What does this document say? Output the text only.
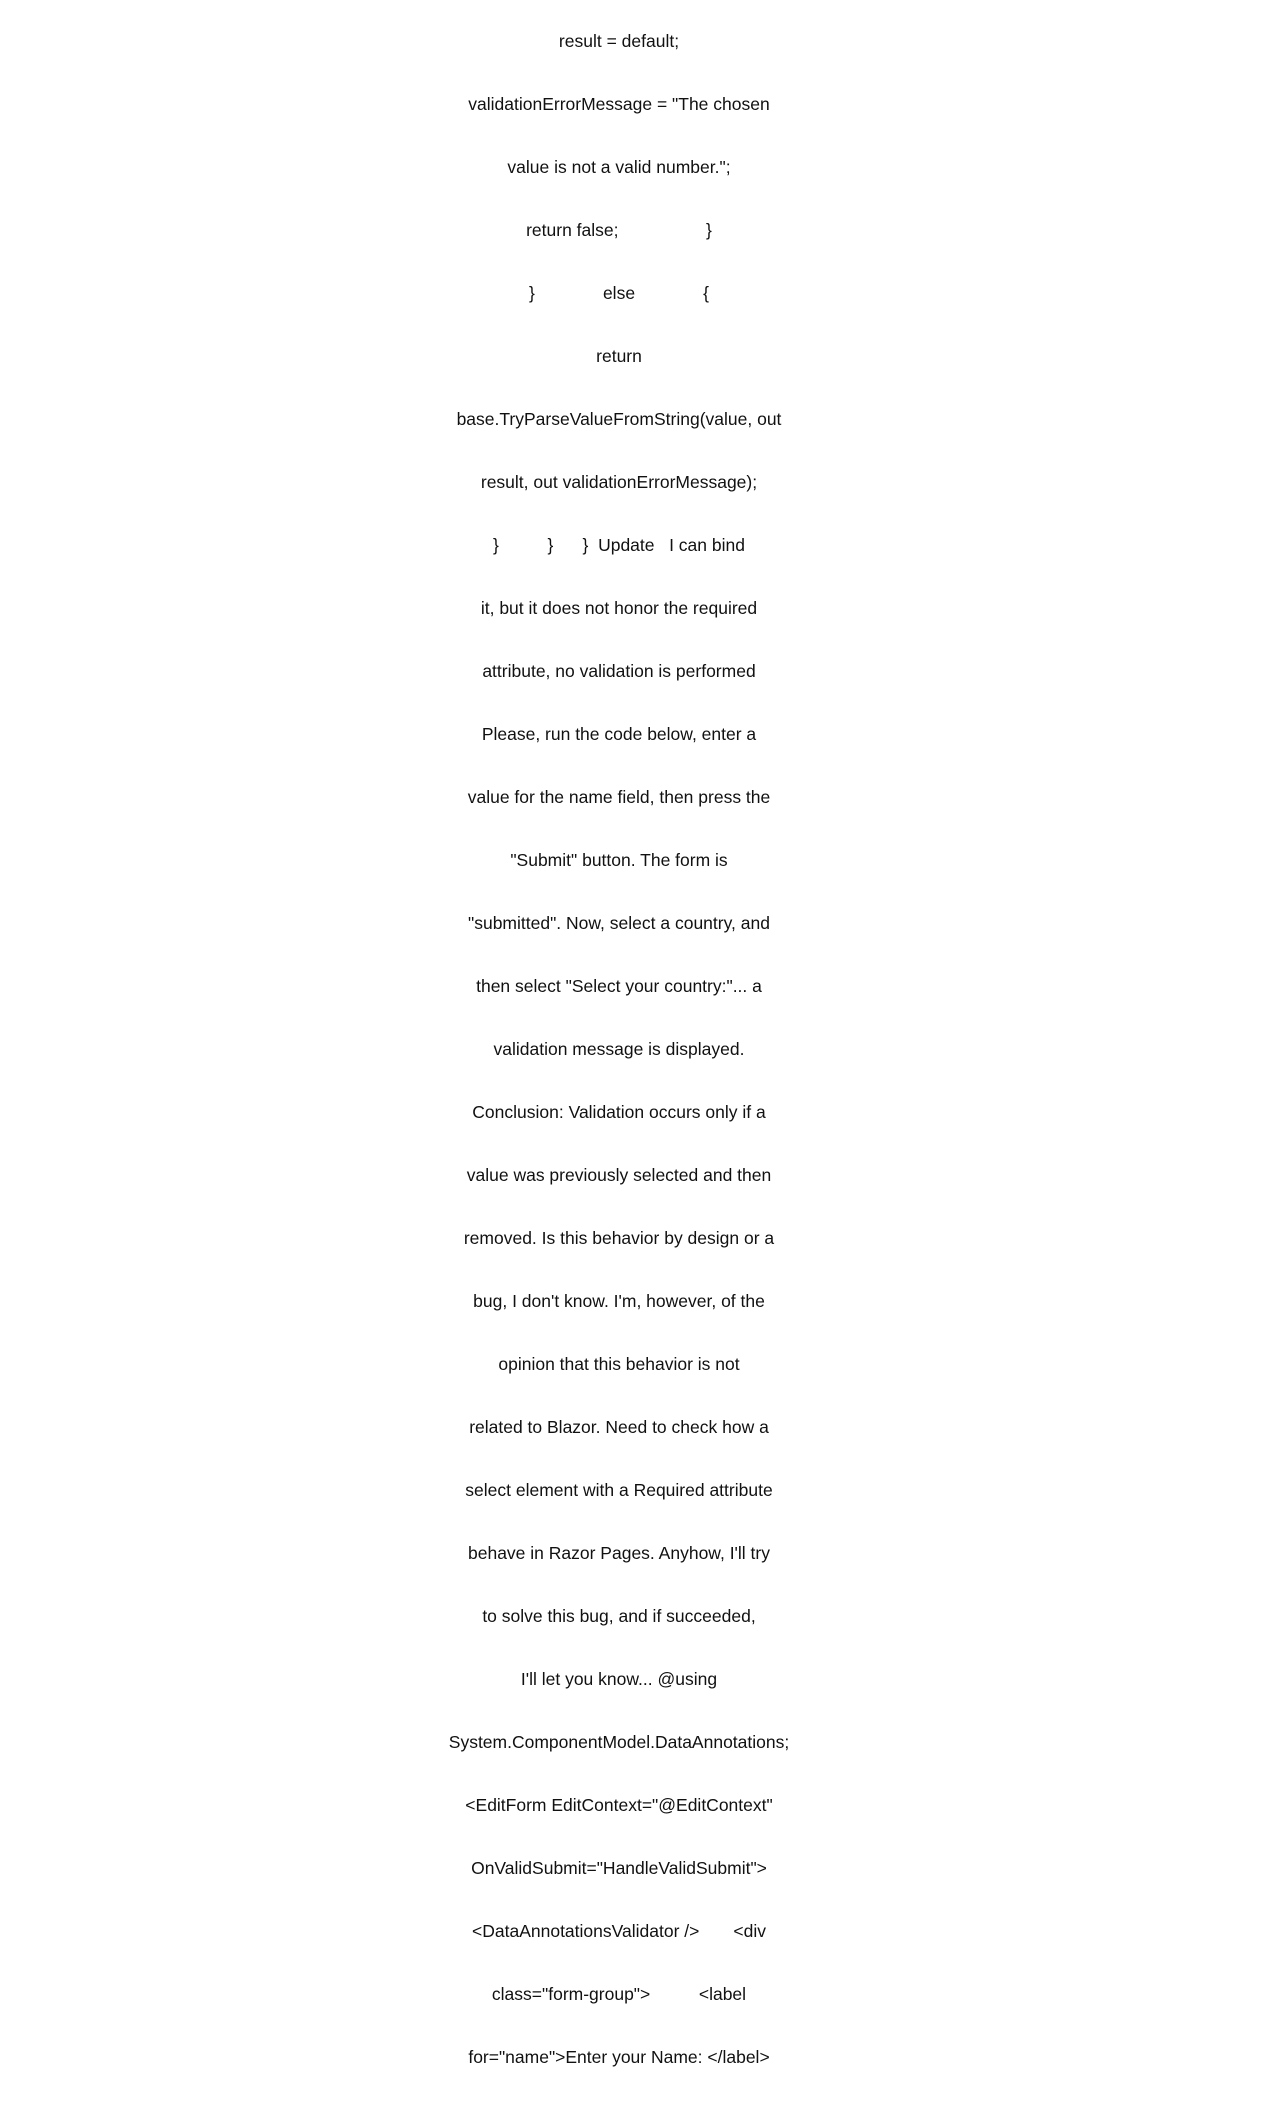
result = default;

validationErrorMessage = "The chosen

value is not a valid number.";

return false;                  }

}              else              {

return

base.TryParseValueFromString(value, out

result, out validationErrorMessage);

}          }      }  Update   I can bind

it, but it does not honor the required

attribute, no validation is performed

Please, run the code below, enter a

value for the name field, then press the

"Submit" button. The form is

"submitted". Now, select a country, and

then select "Select your country:"... a

validation message is displayed.

Conclusion: Validation occurs only if a

value was previously selected and then

removed. Is this behavior by design or a

bug, I don't know. I'm, however, of the

opinion that this behavior is not

related to Blazor. Need to check how a

select element with a Required attribute

behave in Razor Pages. Anyhow, I'll try

to solve this bug, and if succeeded,

I'll let you know... @using

System.ComponentModel.DataAnnotations;

<EditForm EditContext="@EditContext"

OnValidSubmit="HandleValidSubmit">

<DataAnnotationsValidator />       <div

class="form-group">          <label

for="name">Enter your Name: </label>
